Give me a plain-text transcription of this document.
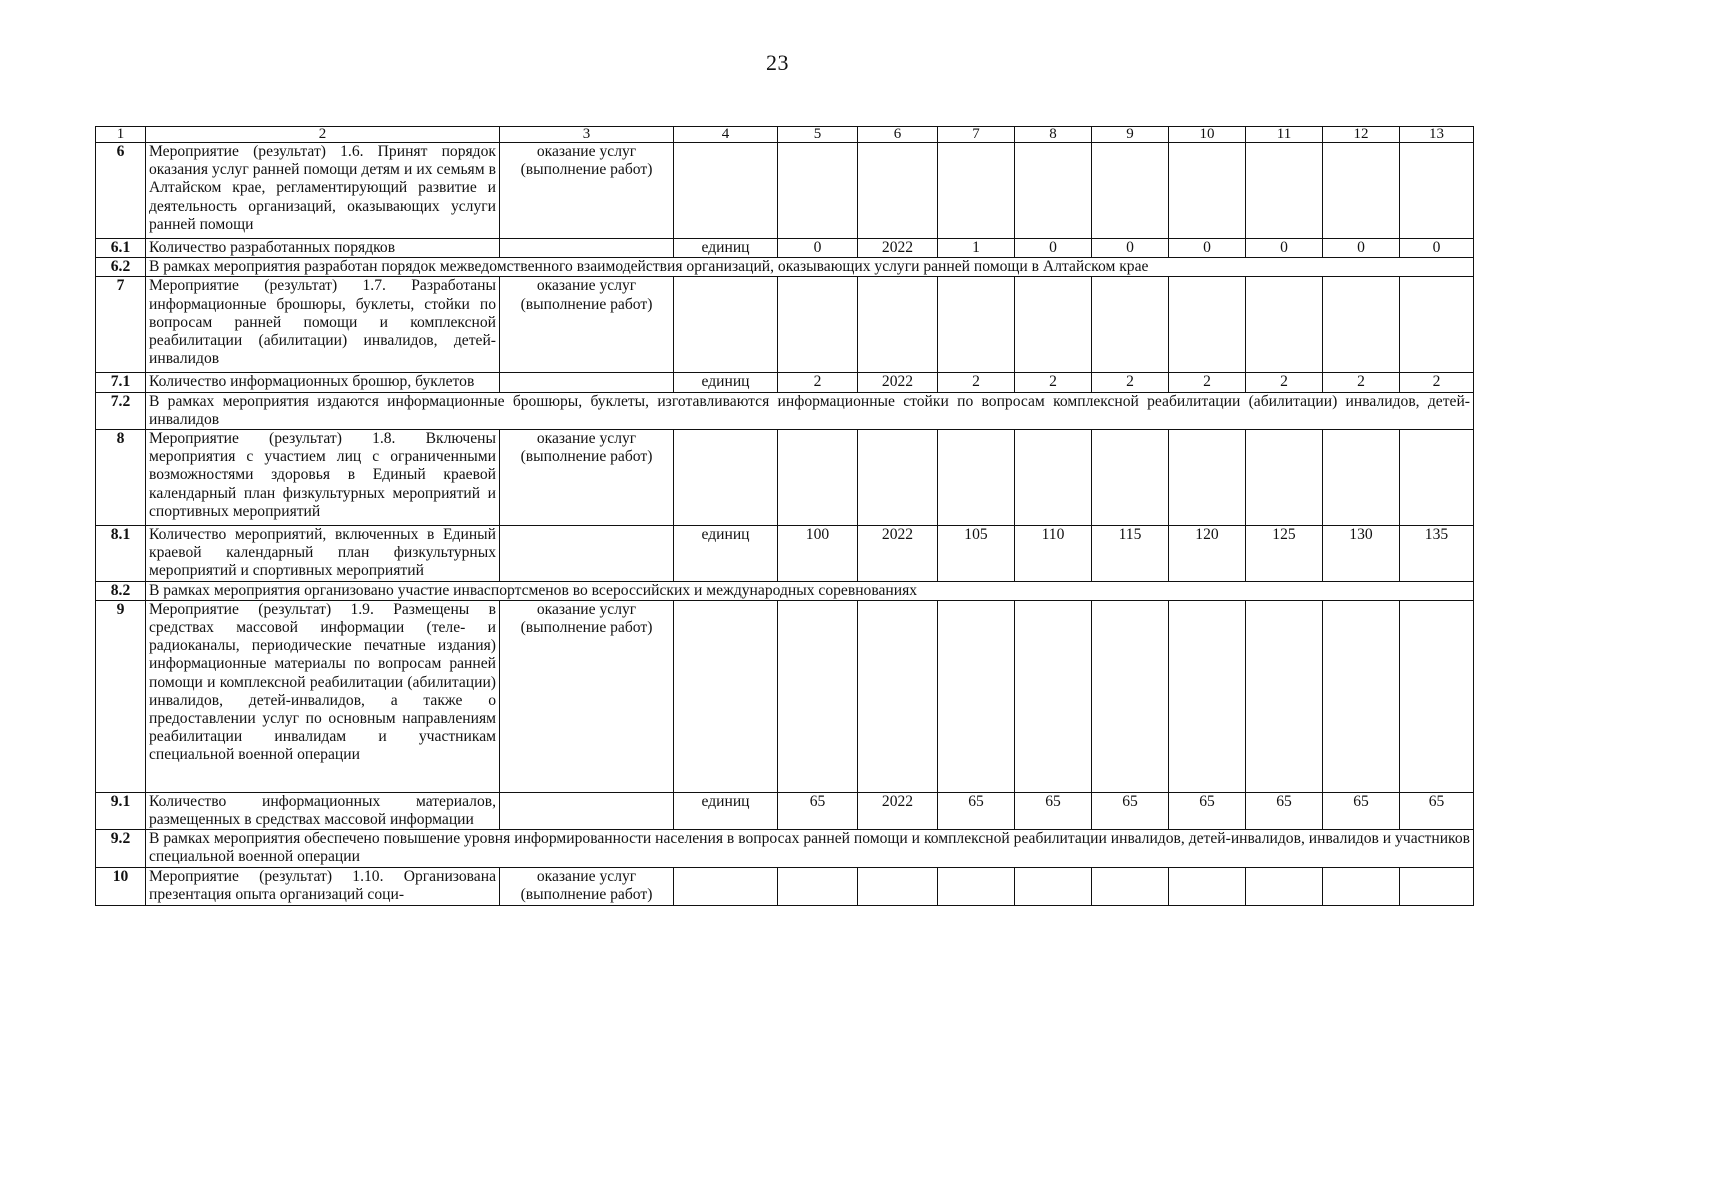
23
1	2	3	4	5	6	7	8	9	10	11	12	13
6	Мероприятие (результат) 1.6. Принят порядок оказания услуг ранней помощи детям и их семьям в Алтайском крае, регламентирующий развитие и деятельность организаций, оказывающих услуги ранней помощи	оказание услуг (выполнение работ)										
6.1	Количество разработанных порядков		единиц	0	2022	1	0	0	0	0	0	0
6.2	В рамках мероприятия разработан порядок межведомственного взаимодействия организаций, оказывающих услуги ранней помощи в Алтайском крае											
7	Мероприятие (результат) 1.7. Разработаны информационные брошюры, буклеты, стойки по вопросам ранней помощи и комплексной реабилитации (абилитации) инвалидов, детей-инвалидов	оказание услуг (выполнение работ)										
7.1	Количество информационных брошюр, буклетов		единиц	2	2022	2	2	2	2	2	2	2
7.2	В рамках мероприятия издаются информационные брошюры, буклеты, изготавливаются информационные стойки по вопросам комплексной реабилитации (абилитации) инвалидов, детей-инвалидов											
8	Мероприятие (результат) 1.8. Включены мероприятия с участием лиц с ограниченными возможностями здоровья в Единый краевой календарный план физкультурных мероприятий и спортивных мероприятий	оказание услуг (выполнение работ)										
8.1	Количество мероприятий, включенных в Единый краевой календарный план физкультурных мероприятий и спортивных мероприятий		единиц	100	2022	105	110	115	120	125	130	135
8.2	В рамках мероприятия организовано участие инваспортсменов во всероссийских и международных соревнованиях											
9	Мероприятие (результат) 1.9. Размещены в средствах массовой информации (теле- и радиоканалы, периодические печатные издания) информационные материалы по вопросам ранней помощи и комплексной реабилитации (абилитации) инвалидов, детей-инвалидов, а также о предоставлении услуг по основным направлениям реабилитации инвалидам и участникам специальной военной операции	оказание услуг (выполнение работ)										
9.1	Количество информационных материалов, размещенных в средствах массовой информации		единиц	65	2022	65	65	65	65	65	65	65
9.2	В рамках мероприятия обеспечено повышение уровня информированности населения в вопросах ранней помощи и комплексной реабилитации инвалидов, детей-инвалидов, инвалидов и участников специальной военной операции											
10	Мероприятие (результат) 1.10. Организована презентация опыта организаций соци-	оказание услуг (выполнение работ)										
